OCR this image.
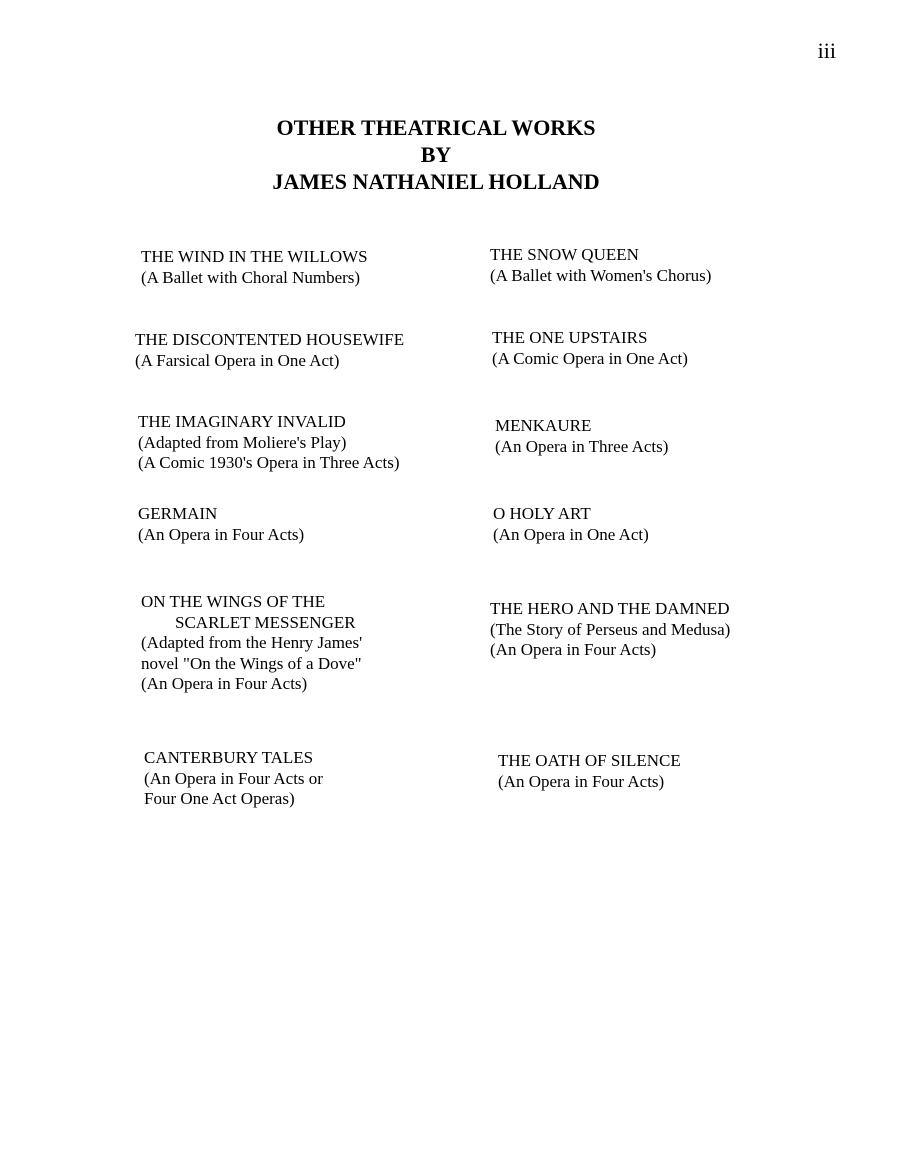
iii
OTHER THEATRICAL WORKS
BY
JAMES NATHANIEL HOLLAND
THE WIND IN THE WILLOWS
(A Ballet with Choral Numbers)
THE DISCONTENTED HOUSEWIFE
(A Farsical Opera in One Act)
THE IMAGINARY INVALID
(Adapted from Moliere's Play)
(A Comic 1930's Opera in Three Acts)
GERMAIN
(An Opera in Four Acts)
ON THE WINGS OF THE
SCARLET MESSENGER
(Adapted from the Henry James'
novel "On the Wings of a Dove"
(An Opera in Four Acts)
CANTERBURY TALES
(An Opera in Four Acts or
Four One Act Operas)
THE SNOW QUEEN
(A Ballet with Women's Chorus)
THE ONE UPSTAIRS
(A Comic Opera in One Act)
MENKAURE
(An Opera in Three Acts)
O HOLY ART
(An Opera in One Act)
THE HERO AND THE DAMNED
(The Story of Perseus and Medusa)
(An Opera in Four Acts)
THE OATH OF SILENCE
(An Opera in Four Acts)
